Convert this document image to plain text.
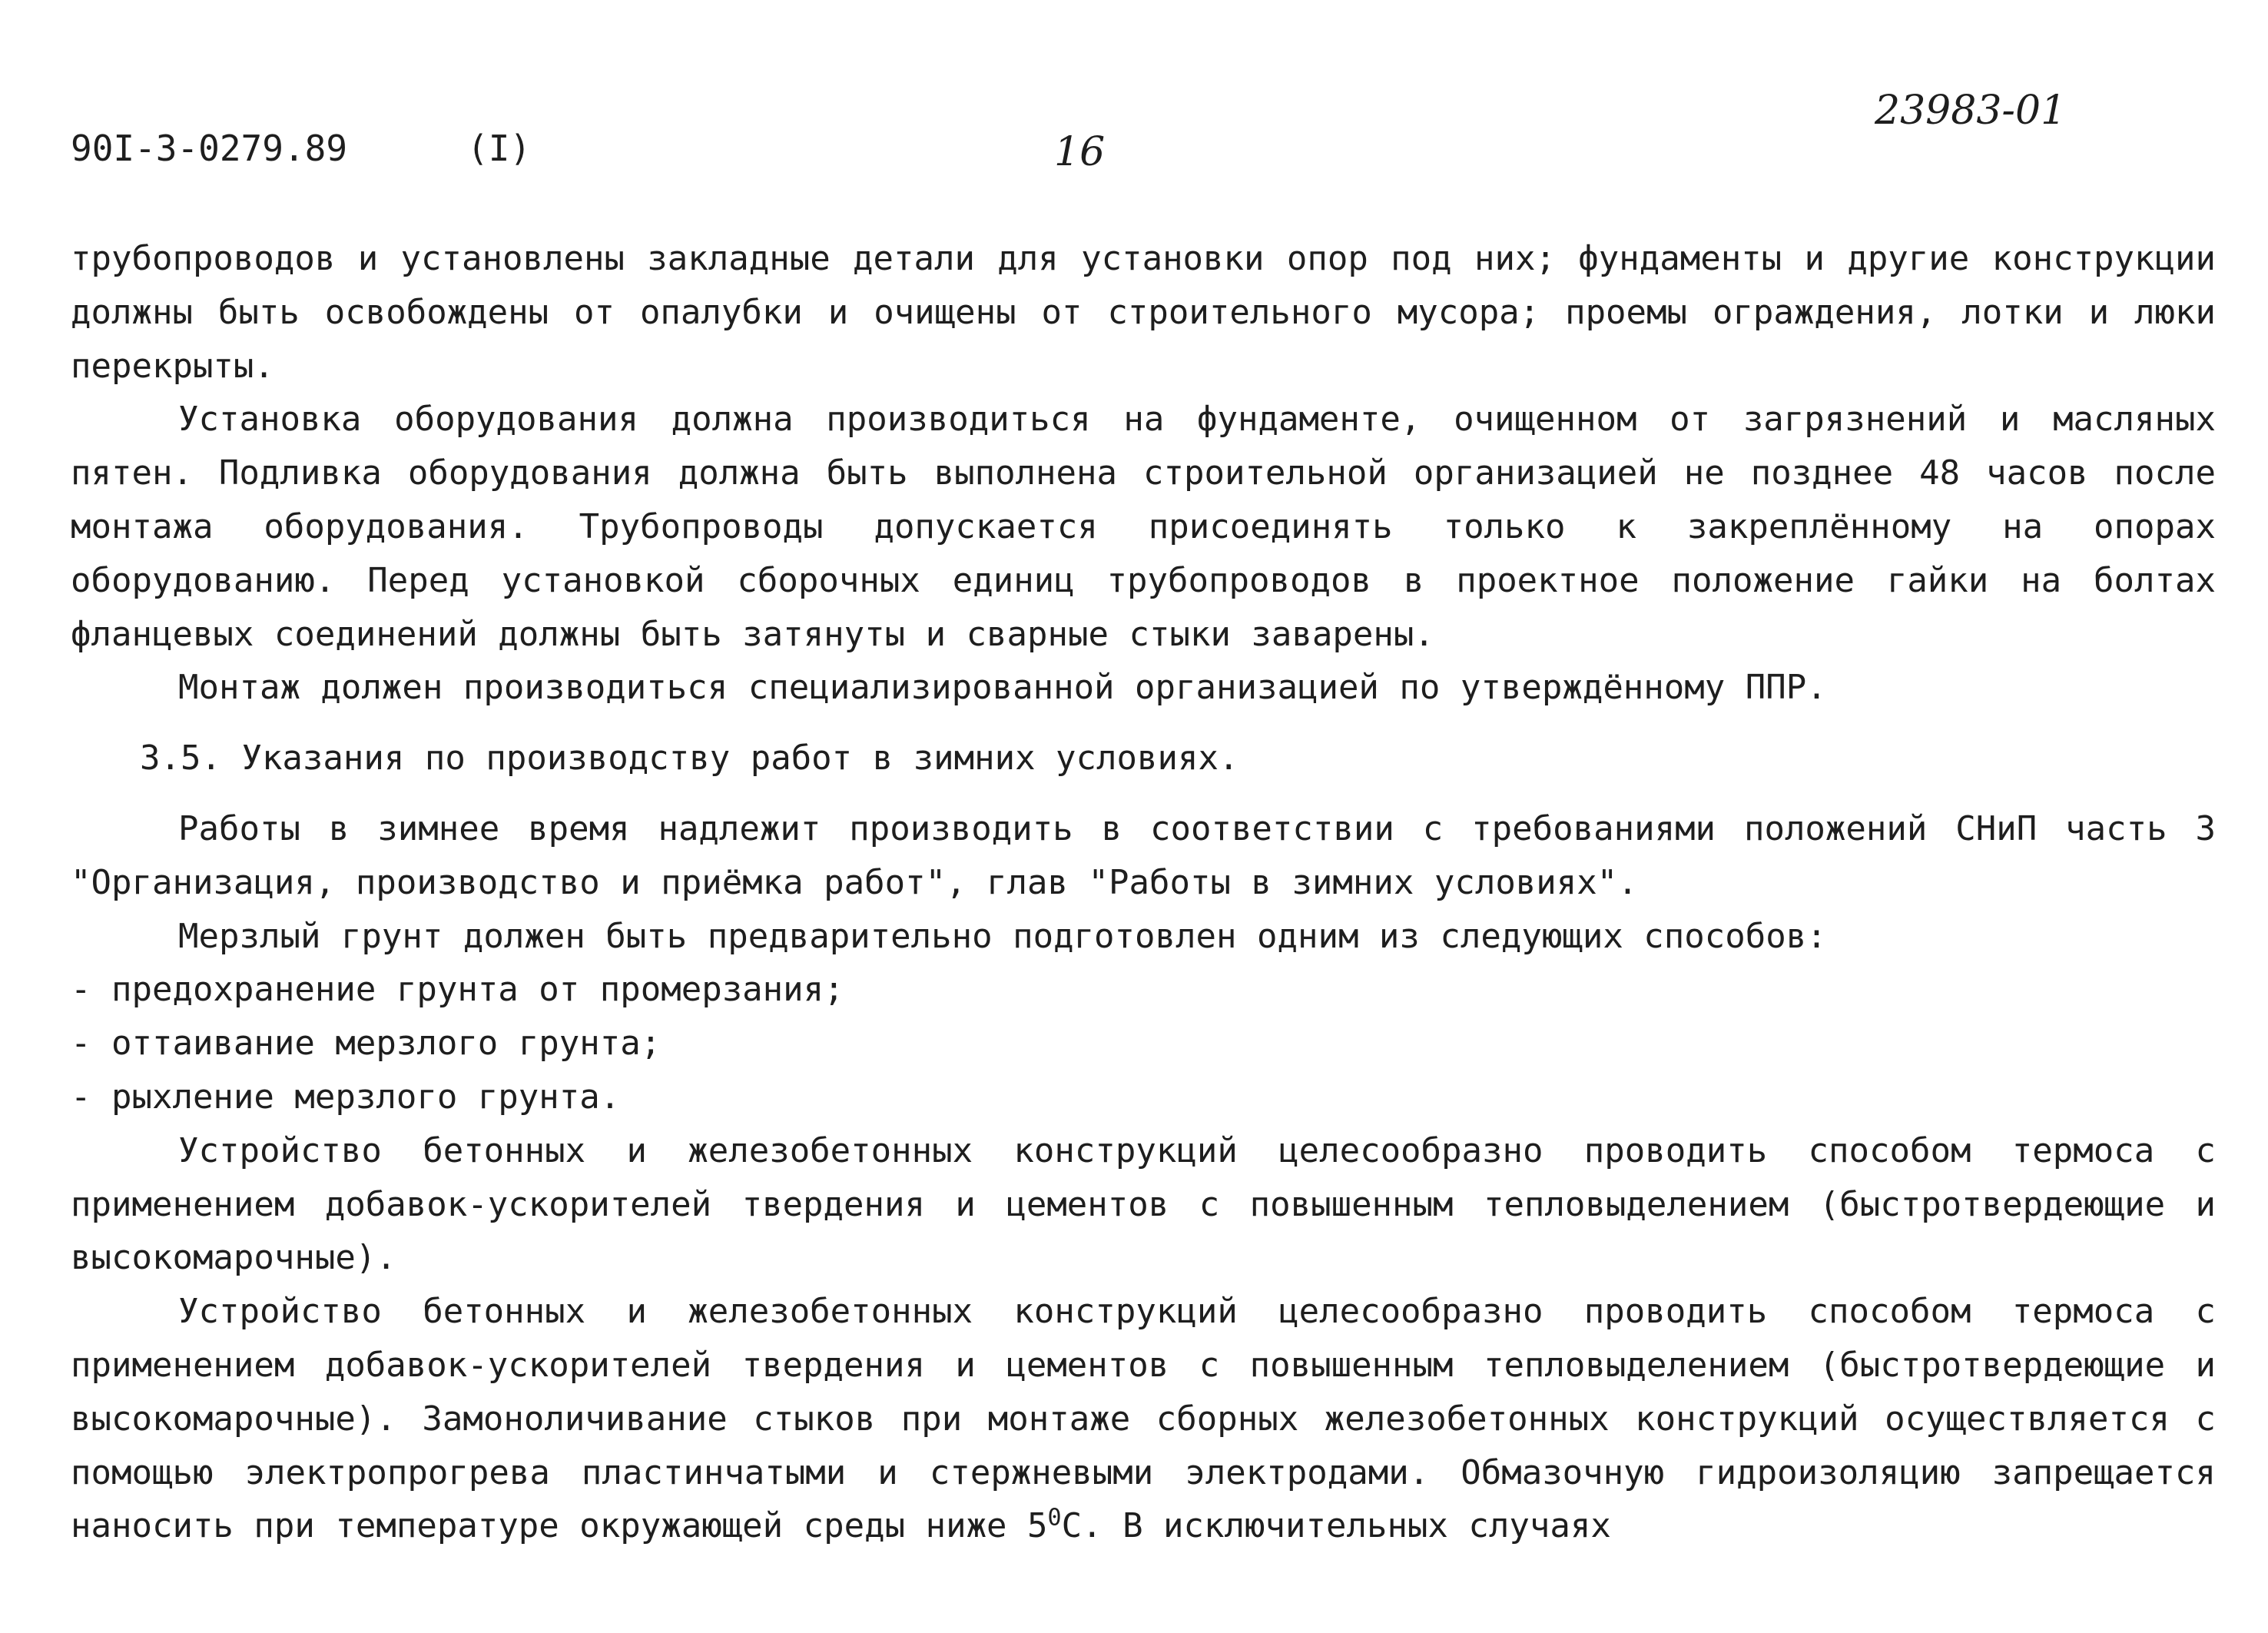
90I-3-0279.89	(I)	16
23983-01

трубопроводов и установлены закладные детали для установки опор под них; фундаменты и другие конструкции должны быть освобождены от опалубки и очищены от строительного мусора; проемы ограждения, лотки и люки перекрыты.

Установка оборудования должна производиться на фундаменте, очищенном от загрязнений и масляных пятен. Подливка оборудования должна быть выполнена строительной организацией не позднее 48 часов после монтажа оборудования. Трубопроводы допускается присоединять только к закреплённому на опорах оборудованию. Перед установкой сборочных единиц трубопроводов в проектное положение гайки на болтах фланцевых соединений должны быть затянуты и сварные стыки заварены.

Монтаж должен производиться специализированной организацией по утверждённому ППР.

3.5. Указания по производству работ в зимних условиях.

Работы в зимнее время надлежит производить в соответствии с требованиями положений СНиП часть 3 "Организация, производство и приёмка работ", глав "Работы в зимних условиях".

Мерзлый грунт должен быть предварительно подготовлен одним из следующих способов:

- предохранение грунта от промерзания;

- оттаивание мерзлого грунта;

- рыхление мерзлого грунта.

Устройство бетонных и железобетонных конструкций целесообразно проводить способом термоса с применением добавок-ускорителей твердения и цементов с повышенным тепловыделением (быстротвердеющие и высокомарочные).

Устройство бетонных и железобетонных конструкций целесообразно проводить способом термоса с применением добавок-ускорителей твердения и цементов с повышенным тепловыделением (быстротвердеющие и высокомарочные). Замоноличивание стыков при монтаже сборных железобетонных конструкций осуществляется с помощью электропрогрева пластинчатыми и стержневыми электродами. Обмазочную гидроизоляцию запрещается наносить при температуре окружающей среды ниже $5^0С$. В исключительных случаях
